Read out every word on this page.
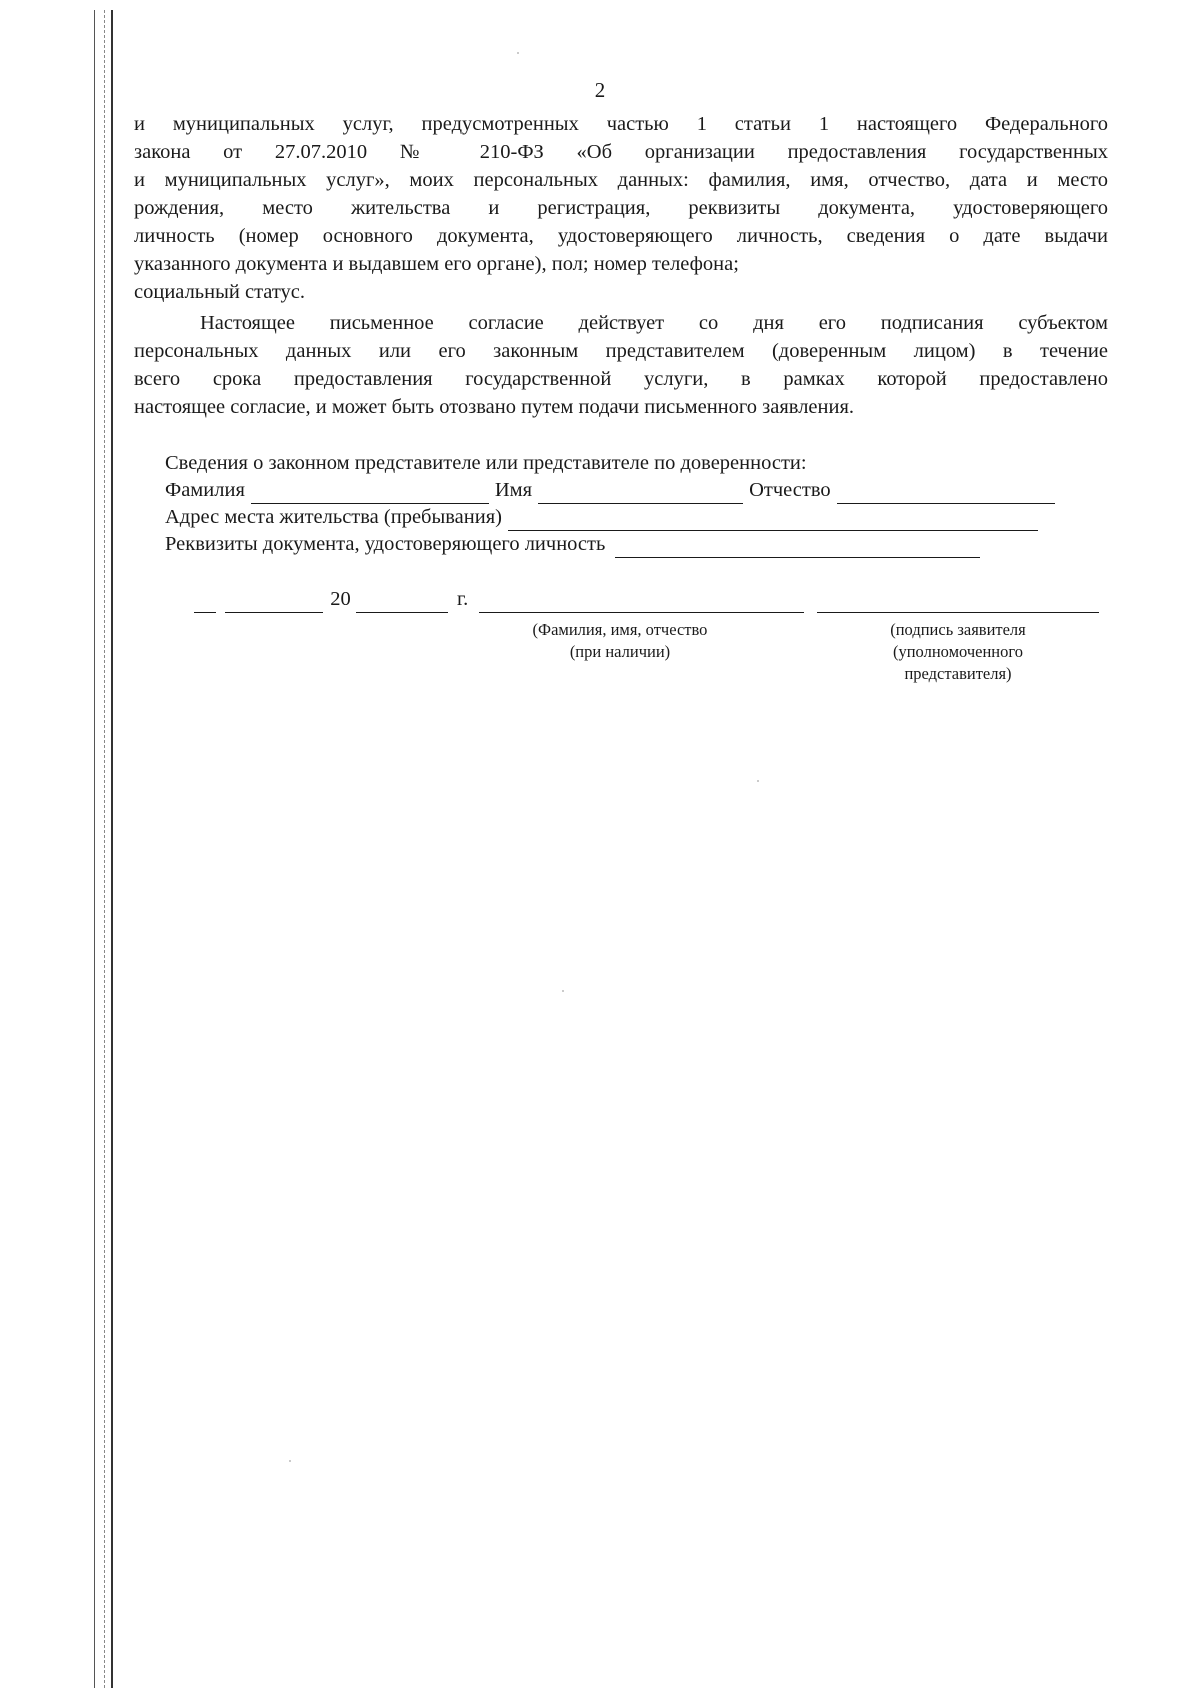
2
и муниципальных услуг, предусмотренных частью 1 статьи 1 настоящего Федерального
закона от 27.07.2010 № 210-ФЗ «Об организации предоставления государственных
и муниципальных услуг», моих персональных данных: фамилия, имя, отчество, дата и место
рождения, место жительства и регистрация, реквизиты документа, удостоверяющего
личность (номер основного документа, удостоверяющего личность, сведения о дате выдачи
указанного документа и выдавшем его органе), пол; номер телефона;
социальный статус.
Настоящее письменное согласие действует со дня его подписания субъектом
персональных данных или его законным представителем (доверенным лицом) в течение
всего срока предоставления государственной услуги, в рамках которой предоставлено
настоящее согласие, и может быть отозвано путем подачи письменного заявления.
Сведения о законном представителе или представителе по доверенности:
Фамилия	Имя	Отчество
Адрес места жительства (пребывания)
Реквизиты документа, удостоверяющего личность
20	г.
(Фамилия, имя, отчество
(при наличии)
(подпись заявителя
(уполномоченного
представителя)
